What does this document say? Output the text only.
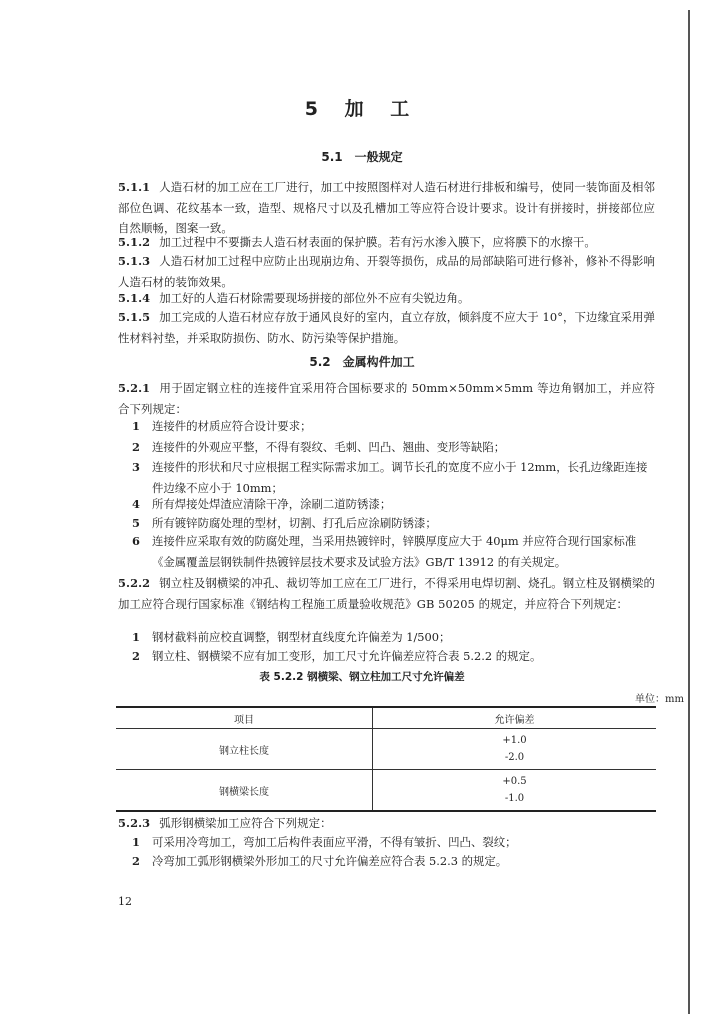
5 加 工
5.1 一般规定
5.1.1 人造石材的加工应在工厂进行，加工中按照图样对人造石材进行排板和编号，使同一装饰面及相邻部位色调、花纹基本一致，造型、规格尺寸以及孔槽加工等应符合设计要求。设计有拼接时，拼接部位应自然顺畅，图案一致。
5.1.2 加工过程中不要撕去人造石材表面的保护膜。若有污水渗入膜下，应将膜下的水擦干。
5.1.3 人造石材加工过程中应防止出现崩边角、开裂等损伤，成品的局部缺陷可进行修补，修补不得影响人造石材的装饰效果。
5.1.4 加工好的人造石材除需要现场拼接的部位外不应有尖锐边角。
5.1.5 加工完成的人造石材应存放于通风良好的室内，直立存放，倾斜度不应大于 10°，下边缘宜采用弹性材料衬垫，并采取防损伤、防水、防污染等保护措施。
5.2 金属构件加工
5.2.1 用于固定钢立柱的连接件宜采用符合国标要求的 50mm×50mm×5mm 等边角钢加工，并应符合下列规定：
1 连接件的材质应符合设计要求；
2 连接件的外观应平整，不得有裂纹、毛刺、凹凸、翘曲、变形等缺陷；
3 连接件的形状和尺寸应根据工程实际需求加工。调节长孔的宽度不应小于 12mm，长孔边缘距连接件边缘不应小于 10mm；
4 所有焊接处焊渣应清除干净，涂刷二道防锈漆；
5 所有镀锌防腐处理的型材，切割、打孔后应涂刷防锈漆；
6 连接件应采取有效的防腐处理，当采用热镀锌时，锌膜厚度应大于 40μm 并应符合现行国家标准《金属覆盖层钢铁制件热镀锌层技术要求及试验方法》GB/T 13912 的有关规定。
5.2.2 钢立柱及钢横梁的冲孔、裁切等加工应在工厂进行，不得采用电焊切割、烧孔。钢立柱及钢横梁的加工应符合现行国家标准《钢结构工程施工质量验收规范》GB 50205 的规定，并应符合下列规定：
1 钢材截料前应校直调整，钢型材直线度允许偏差为 1/500；
2 钢立柱、钢横梁不应有加工变形，加工尺寸允许偏差应符合表 5.2.2 的规定。
表 5.2.2 钢横梁、钢立柱加工尺寸允许偏差
单位：mm
项目	允许偏差
钢立柱长度	+1.0
-2.0

钢横梁长度	+0.5
-1.0
5.2.3 弧形钢横梁加工应符合下列规定：
1 可采用冷弯加工，弯加工后构件表面应平滑，不得有皱折、凹凸、裂纹；
2 冷弯加工弧形钢横梁外形加工的尺寸允许偏差应符合表 5.2.3 的规定。
12
